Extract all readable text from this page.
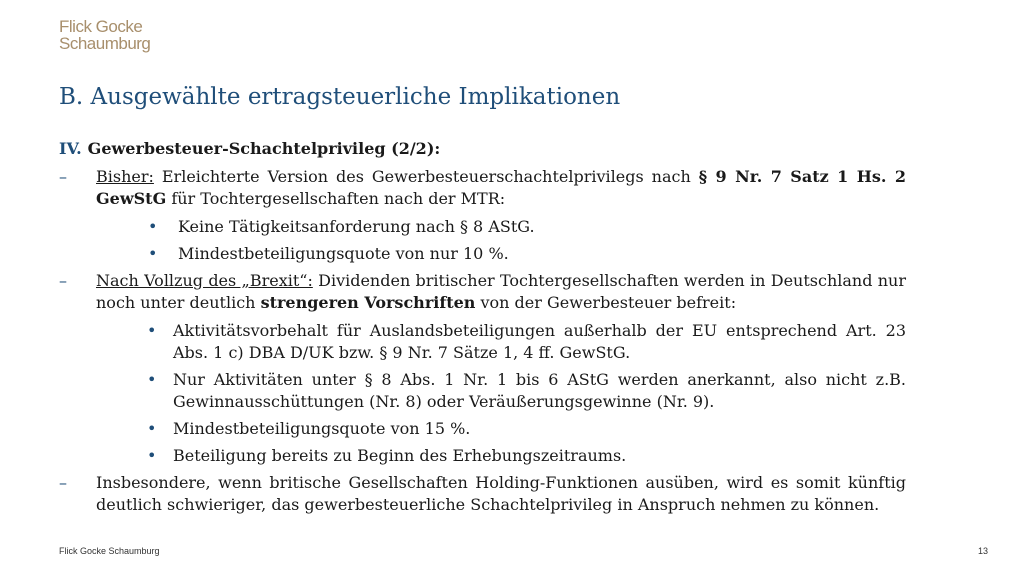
Flick Gocke
Schaumburg
B. Ausgewählte ertragsteuerliche Implikationen
IV. Gewerbesteuer-Schachtelprivileg (2/2):
– Bisher: Erleichterte Version des Gewerbesteuerschachtelprivilegs nach § 9 Nr. 7 Satz 1 Hs. 2 GewStG für Tochtergesellschaften nach der MTR:
• Keine Tätigkeitsanforderung nach § 8 AStG.
• Mindestbeteiligungsquote von nur 10 %.
– Nach Vollzug des „Brexit“: Dividenden britischer Tochtergesellschaften werden in Deutschland nur noch unter deutlich strengeren Vorschriften von der Gewerbesteuer befreit:
• Aktivitätsvorbehalt für Auslandsbeteiligungen außerhalb der EU entsprechend Art. 23 Abs. 1 c) DBA D/UK bzw. § 9 Nr. 7 Sätze 1, 4 ff. GewStG.
• Nur Aktivitäten unter § 8 Abs. 1 Nr. 1 bis 6 AStG werden anerkannt, also nicht z.B. Gewinnausschüttungen (Nr. 8) oder Veräußerungsgewinne (Nr. 9).
• Mindestbeteiligungsquote von 15 %.
• Beteiligung bereits zu Beginn des Erhebungszeitraums.
– Insbesondere, wenn britische Gesellschaften Holding-Funktionen ausüben, wird es somit künftig deutlich schwieriger, das gewerbesteuerliche Schachtelprivileg in Anspruch nehmen zu können.
Flick Gocke Schaumburg	13
